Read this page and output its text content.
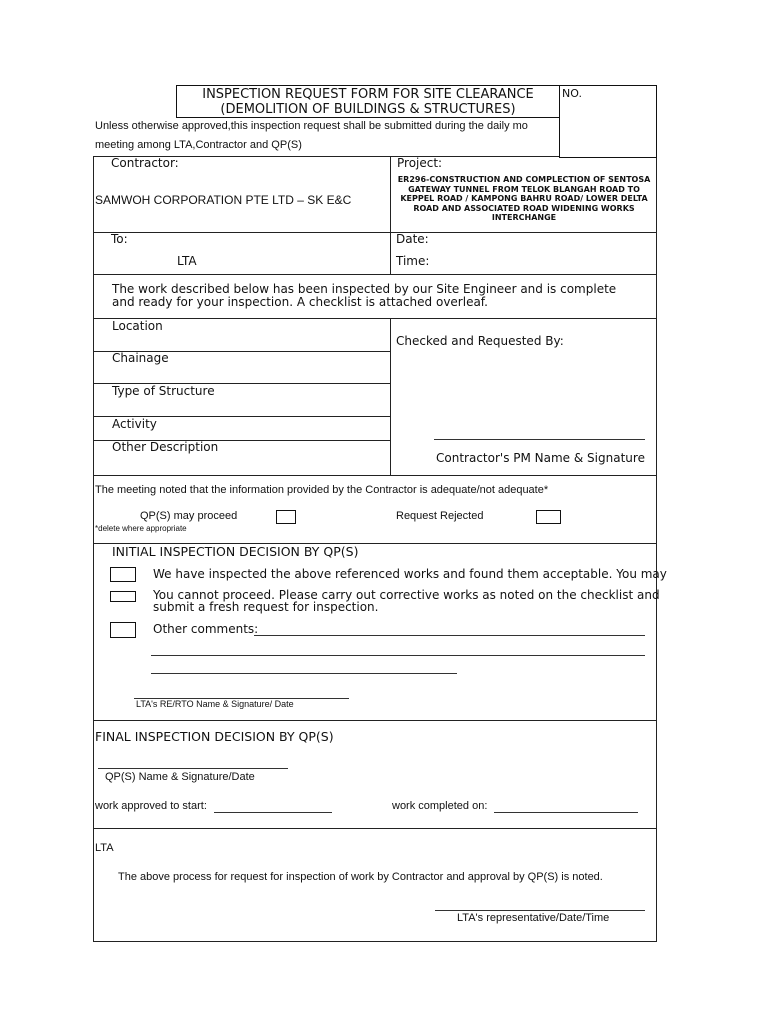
INSPECTION REQUEST FORM FOR SITE CLEARANCE
(DEMOLITION OF BUILDINGS & STRUCTURES)
NO.
Unless otherwise approved,this inspection request shall be submitted during the daily mo
meeting among LTA,Contractor and QP(S)
Contractor:
SAMWOH CORPORATION PTE LTD – SK E&C
Project:
ER296-CONSTRUCTION AND COMPLECTION OF SENTOSA
GATEWAY TUNNEL FROM TELOK BLANGAH ROAD TO
KEPPEL ROAD / KAMPONG BAHRU ROAD/ LOWER DELTA
ROAD AND ASSOCIATED ROAD WIDENING WORKS
INTERCHANGE
To:
LTA
Date:
Time:
The work described below has been inspected by our Site Engineer and is complete
and ready for your inspection. A checklist is attached overleaf.
Location
Chainage
Type of Structure
Activity
Other Description
Checked and Requested By:
Contractor's PM Name & Signature
The meeting noted that the information provided by the Contractor is adequate/not adequate*
QP(S) may proceed	Request Rejected
*delete where appropriate
INITIAL INSPECTION DECISION BY QP(S)
We have inspected the above referenced works and found them acceptable. You may
You cannot proceed. Please carry out corrective works as noted on the checklist and
submit a fresh request for inspection.
Other comments:
LTA's RE/RTO Name & Signature/ Date
FINAL INSPECTION DECISION BY QP(S)
QP(S) Name & Signature/Date
work approved to start:	work completed on:
LTA
The above process for request for inspection of work by Contractor and approval by QP(S) is noted.
LTA's representative/Date/Time
